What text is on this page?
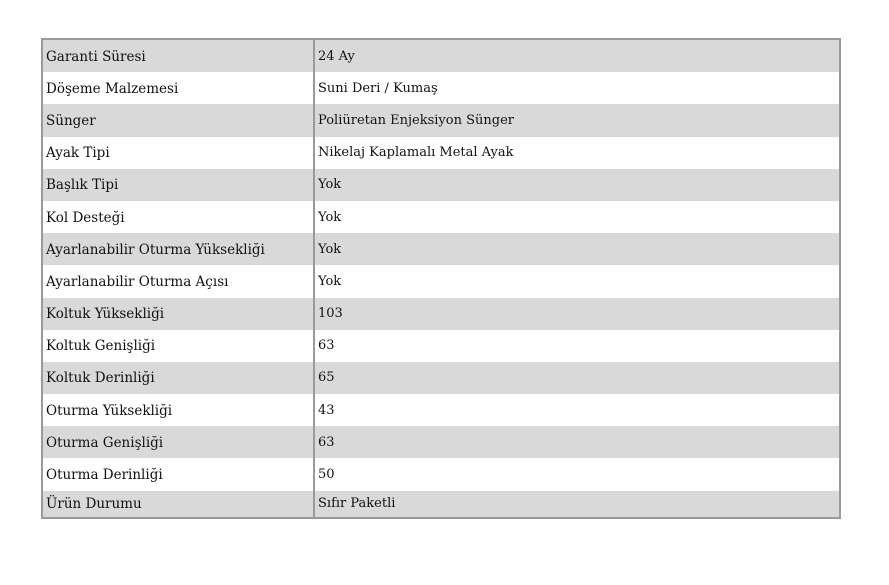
Garanti Süresi	24 Ay
Döşeme Malzemesi	Suni Deri / Kumaş
Sünger	Poliüretan Enjeksiyon Sünger
Ayak Tipi	Nikelaj Kaplamalı Metal Ayak
Başlık Tipi	Yok
Kol Desteği	Yok
Ayarlanabilir Oturma Yüksekliği	Yok
Ayarlanabilir Oturma Açısı	Yok
Koltuk Yüksekliği	103
Koltuk Genişliği	63
Koltuk Derinliği	65
Oturma Yüksekliği	43
Oturma Genişliği	63
Oturma Derinliği	50
Ürün Durumu	Sıfır Paketli
